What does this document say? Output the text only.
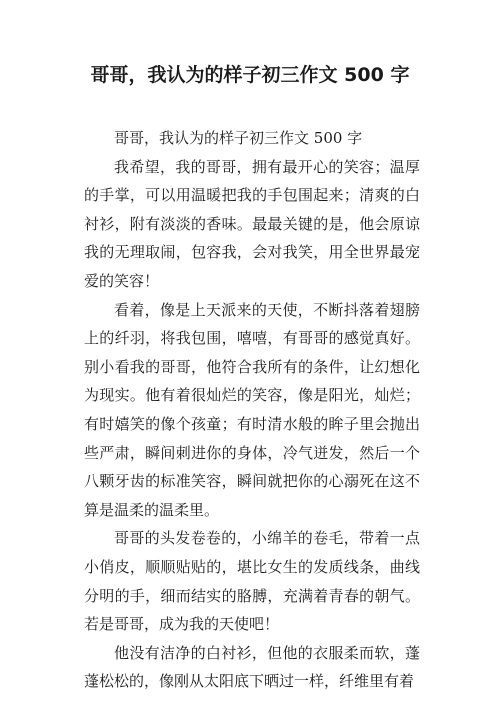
哥哥，我认为的样子初三作文 500 字

哥哥，我认为的样子初三作文 500 字

我希望，我的哥哥，拥有最开心的笑容；温厚的手掌，可以用温暖把我的手包围起来；清爽的白衬衫，附有淡淡的香味。最最关键的是，他会原谅我的无理取闹，包容我，会对我笑，用全世界最宠爱的笑容！

看着，像是上天派来的天使，不断抖落着翅膀上的纤羽，将我包围，嘻嘻，有哥哥的感觉真好。别小看我的哥哥，他符合我所有的条件，让幻想化为现实。他有着很灿烂的笑容，像是阳光，灿烂；有时嬉笑的像个孩童；有时清水般的眸子里会抛出些严肃，瞬间刺进你的身体，冷气迸发，然后一个八颗牙齿的标准笑容，瞬间就把你的心溺死在这不算是温柔的温柔里。

哥哥的头发卷卷的，小绵羊的卷毛，带着一点小俏皮，顺顺贴贴的，堪比女生的发质线条，曲线分明的手，细而结实的胳膊，充满着青春的朝气。若是哥哥，成为我的天使吧！

他没有洁净的白衬衫，但他的衣服柔而软，蓬蓬松松的，像刚从太阳底下晒过一样，纤维里有着
